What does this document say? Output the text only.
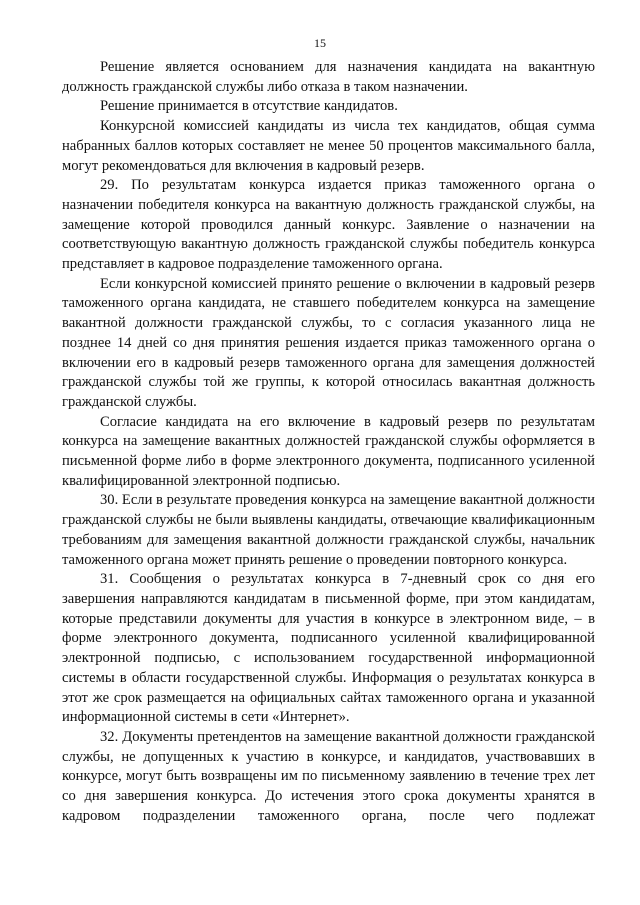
15

Решение является основанием для назначения кандидата на вакантную должность гражданской службы либо отказа в таком назначении.

Решение принимается в отсутствие кандидатов.

Конкурсной комиссией кандидаты из числа тех кандидатов, общая сумма набранных баллов которых составляет не менее 50 процентов максимального балла, могут рекомендоваться для включения в кадровый резерв.

29. По результатам конкурса издается приказ таможенного органа о назначении победителя конкурса на вакантную должность гражданской службы, на замещение которой проводился данный конкурс. Заявление о назначении на соответствующую вакантную должность гражданской службы победитель конкурса представляет в кадровое подразделение таможенного органа.

Если конкурсной комиссией принято решение о включении в кадровый резерв таможенного органа кандидата, не ставшего победителем конкурса на замещение вакантной должности гражданской службы, то с согласия указанного лица не позднее 14 дней со дня принятия решения издается приказ таможенного органа о включении его в кадровый резерв таможенного органа для замещения должностей гражданской службы той же группы, к которой относилась вакантная должность гражданской службы.

Согласие кандидата на его включение в кадровый резерв по результатам конкурса на замещение вакантных должностей гражданской службы оформляется в письменной форме либо в форме электронного документа, подписанного усиленной квалифицированной электронной подписью.

30. Если в результате проведения конкурса на замещение вакантной должности гражданской службы не были выявлены кандидаты, отвечающие квалификационным требованиям для замещения вакантной должности гражданской службы, начальник таможенного органа может принять решение о проведении повторного конкурса.

31. Сообщения о результатах конкурса в 7-дневный срок со дня его завершения направляются кандидатам в письменной форме, при этом кандидатам, которые представили документы для участия в конкурсе в электронном виде, – в форме электронного документа, подписанного усиленной квалифицированной электронной подписью, с использованием государственной информационной системы в области государственной службы. Информация о результатах конкурса в этот же срок размещается на официальных сайтах таможенного органа и указанной информационной системы в сети «Интернет».

32. Документы претендентов на замещение вакантной должности гражданской службы, не допущенных к участию в конкурсе, и кандидатов, участвовавших в конкурсе, могут быть возвращены им по письменному заявлению в течение трех лет со дня завершения конкурса. До истечения этого срока документы хранятся в кадровом подразделении таможенного органа, после чего подлежат
